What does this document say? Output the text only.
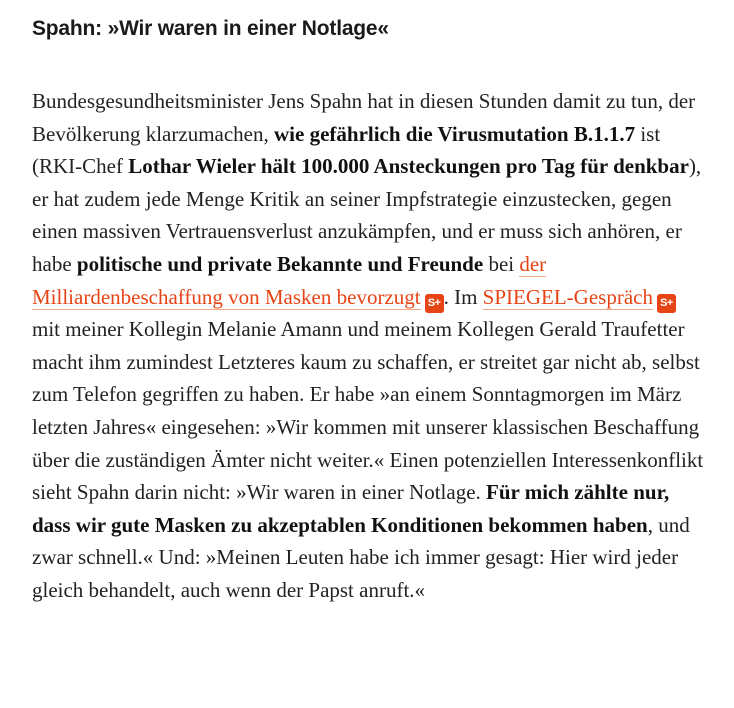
Spahn: »Wir waren in einer Notlage«

Bundesgesundheitsminister Jens Spahn hat in diesen Stunden damit zu tun, der Bevölkerung klarzumachen, wie gefährlich die Virusmutation B.1.1.7 ist (RKI-Chef Lothar Wieler hält 100.000 Ansteckungen pro Tag für denkbar), er hat zudem jede Menge Kritik an seiner Impfstrategie einzustecken, gegen einen massiven Vertrauensverlust anzukämpfen, und er muss sich anhören, er habe politische und private Bekannte und Freunde bei der Milliardenbeschaffung von Masken bevorzugt S+ . Im SPIEGEL-Gespräch S+ mit meiner Kollegin Melanie Amann und meinem Kollegen Gerald Traufetter macht ihm zumindest Letzteres kaum zu schaffen, er streitet gar nicht ab, selbst zum Telefon gegriffen zu haben. Er habe »an einem Sonntagmorgen im März letzten Jahres« eingesehen: »Wir kommen mit unserer klassischen Beschaffung über die zuständigen Ämter nicht weiter.« Einen potenziellen Interessenkonflikt sieht Spahn darin nicht: »Wir waren in einer Notlage. Für mich zählte nur, dass wir gute Masken zu akzeptablen Konditionen bekommen haben, und zwar schnell.« Und: »Meinen Leuten habe ich immer gesagt: Hier wird jeder gleich behandelt, auch wenn der Papst anruft.«
